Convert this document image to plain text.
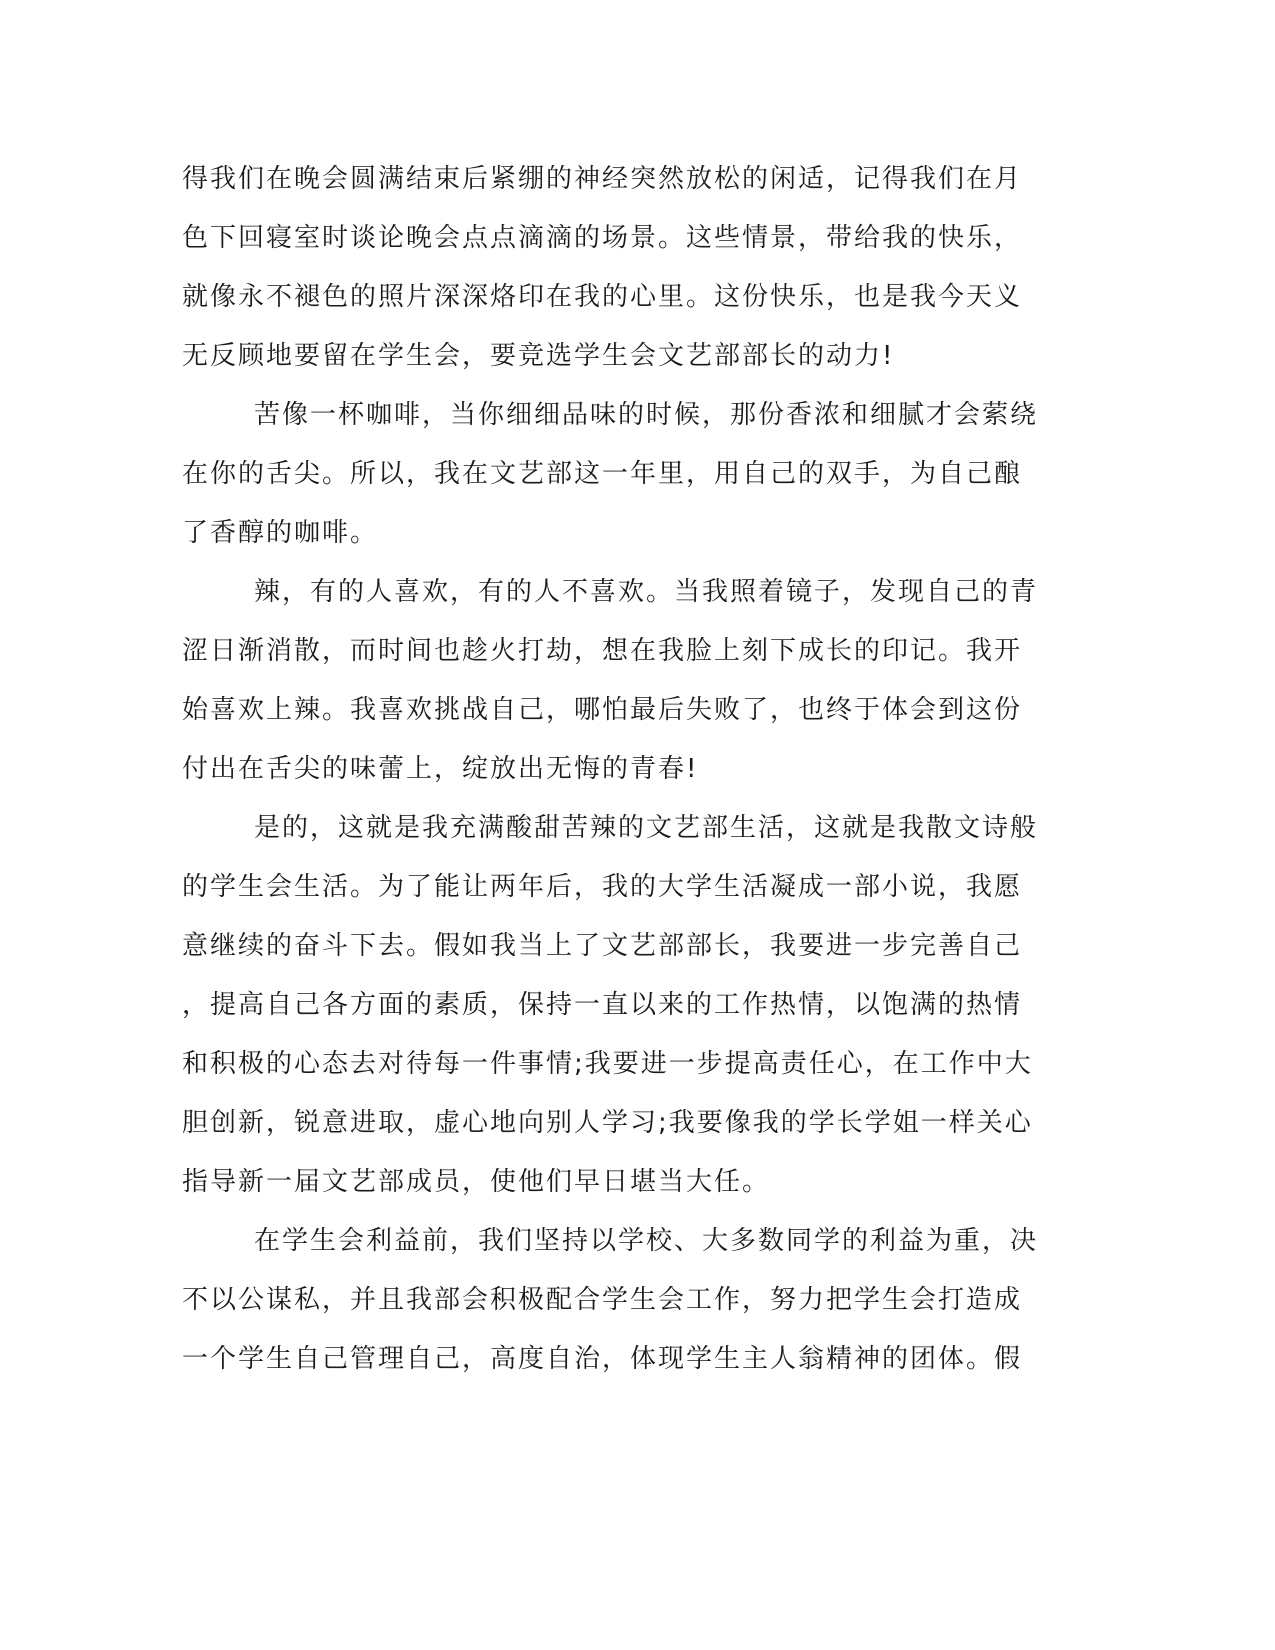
得我们在晚会圆满结束后紧绷的神经突然放松的闲适，记得我们在月
色下回寝室时谈论晚会点点滴滴的场景。这些情景，带给我的快乐，
就像永不褪色的照片深深烙印在我的心里。这份快乐，也是我今天义
无反顾地要留在学生会，要竞选学生会文艺部部长的动力!
苦像一杯咖啡，当你细细品味的时候，那份香浓和细腻才会萦绕
在你的舌尖。所以，我在文艺部这一年里，用自己的双手，为自己酿
了香醇的咖啡。
辣，有的人喜欢，有的人不喜欢。当我照着镜子，发现自己的青
涩日渐消散，而时间也趁火打劫，想在我脸上刻下成长的印记。我开
始喜欢上辣。我喜欢挑战自己，哪怕最后失败了，也终于体会到这份
付出在舌尖的味蕾上，绽放出无悔的青春!
是的，这就是我充满酸甜苦辣的文艺部生活，这就是我散文诗般
的学生会生活。为了能让两年后，我的大学生活凝成一部小说，我愿
意继续的奋斗下去。假如我当上了文艺部部长，我要进一步完善自己
，提高自己各方面的素质，保持一直以来的工作热情，以饱满的热情
和积极的心态去对待每一件事情;我要进一步提高责任心，在工作中大
胆创新，锐意进取，虚心地向别人学习;我要像我的学长学姐一样关心
指导新一届文艺部成员，使他们早日堪当大任。
在学生会利益前，我们坚持以学校、大多数同学的利益为重，决
不以公谋私，并且我部会积极配合学生会工作，努力把学生会打造成
一个学生自己管理自己，高度自治，体现学生主人翁精神的团体。假
